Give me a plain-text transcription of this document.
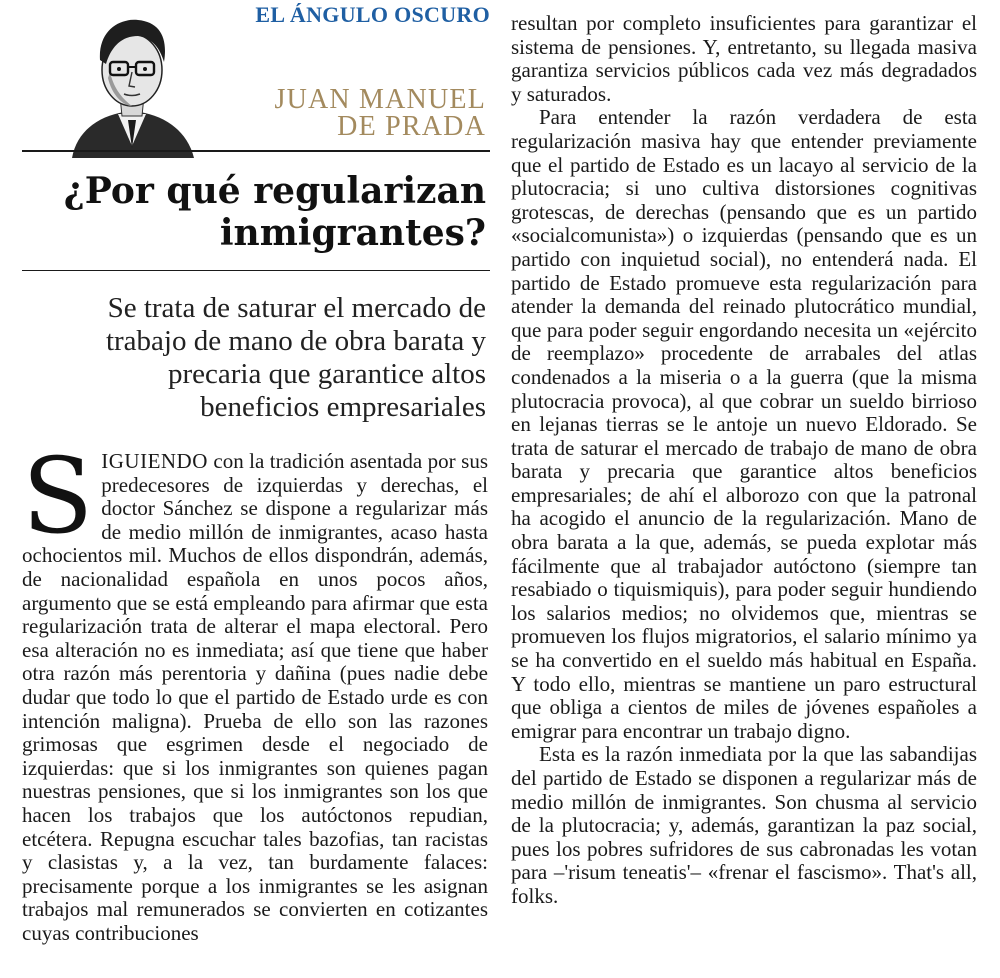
EL ÁNGULO OSCURO
JUAN MANUEL
DE PRADA
¿Por qué regularizan inmigrantes?

Se trata de saturar el mercado de trabajo de mano de obra barata y precaria que garantice altos beneficios empresariales

SIGUIENDO con la tradición asentada por sus predecesores de izquierdas y derechas, el doctor Sánchez se dispone a regularizar más de medio millón de inmigrantes, acaso hasta ochocientos mil. Muchos de ellos dispondrán, además, de nacionalidad española en unos pocos años, argumento que se está empleando para afirmar que esta regularización trata de alterar el mapa electoral. Pero esa alteración no es inmediata; así que tiene que haber otra razón más perentoria y dañina (pues nadie debe dudar que todo lo que el partido de Estado urde es con intención maligna). Prueba de ello son las razones grimosas que esgrimen desde el negociado de izquierdas: que si los inmigrantes son quienes pagan nuestras pensiones, que si los inmigrantes son los que hacen los trabajos que los autóctonos repudian, etcétera. Repugna escuchar tales bazofias, tan racistas y clasistas y, a la vez, tan burdamente falaces: precisamente porque a los inmigrantes se les asignan trabajos mal remunerados se convierten en cotizantes cuyas contribuciones

resultan por completo insuficientes para garantizar el sistema de pensiones. Y, entretanto, su llegada masiva garantiza servicios públicos cada vez más degradados y saturados.

Para entender la razón verdadera de esta regularización masiva hay que entender previamente que el partido de Estado es un lacayo al servicio de la plutocracia; si uno cultiva distorsiones cognitivas grotescas, de derechas (pensando que es un partido «socialcomunista») o izquierdas (pensando que es un partido con inquietud social), no entenderá nada. El partido de Estado promueve esta regularización para atender la demanda del reinado plutocrático mundial, que para poder seguir engordando necesita un «ejército de reemplazo» procedente de arrabales del atlas condenados a la miseria o a la guerra (que la misma plutocracia provoca), al que cobrar un sueldo birrioso en lejanas tierras se le antoje un nuevo Eldorado. Se trata de saturar el mercado de trabajo de mano de obra barata y precaria que garantice altos beneficios empresariales; de ahí el alborozo con que la patronal ha acogido el anuncio de la regularización. Mano de obra barata a la que, además, se pueda explotar más fácilmente que al trabajador autóctono (siempre tan resabiado o tiquismiquis), para poder seguir hundiendo los salarios medios; no olvidemos que, mientras se promueven los flujos migratorios, el salario mínimo ya se ha convertido en el sueldo más habitual en España. Y todo ello, mientras se mantiene un paro estructural que obliga a cientos de miles de jóvenes españoles a emigrar para encontrar un trabajo digno.

Esta es la razón inmediata por la que las sabandijas del partido de Estado se disponen a regularizar más de medio millón de inmigrantes. Son chusma al servicio de la plutocracia; y, además, garantizan la paz social, pues los pobres sufridores de sus cabronadas les votan para –'risum teneatis'– «frenar el fascismo». That's all, folks.
